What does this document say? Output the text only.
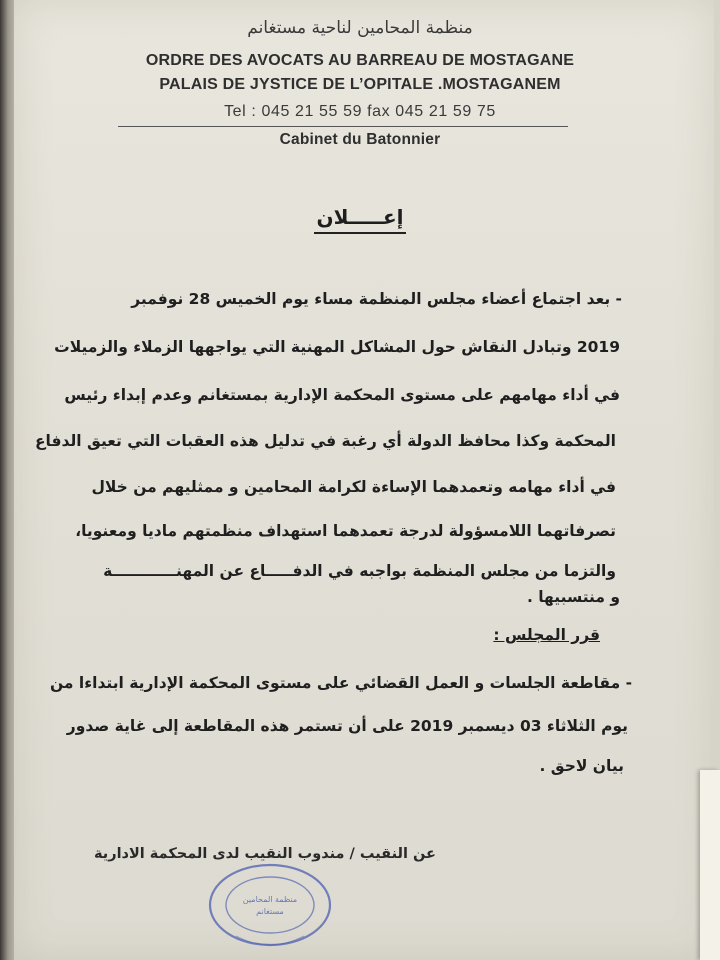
منظمة المحامين لناحية مستغانم
ORDRE DES AVOCATS AU BARREAU DE MOSTAGANE
PALAIS DE JYSTICE DE L’OPITALE .MOSTAGANEM
Tel : 045 21 55 59 fax 045 21 59 75
Cabinet du Batonnier
إعـــــلان
- بعد اجتماع أعضاء مجلس المنظمة مساء يوم الخميس 28 نوفمبر
2019 وتبادل النقاش حول المشاكل المهنية التي يواجهها الزملاء والزميلات
في أداء مهامهم على مستوى المحكمة الإدارية بمستغانم وعدم إبداء رئيس
المحكمة وكذا محافظ الدولة أي رغبة في تدليل هذه العقبات التي تعيق الدفاع
في أداء مهامه وتعمدهما الإساءة لكرامة المحامين و ممثليهم من خلال
تصرفاتهما اللامسؤولة لدرجة تعمدهما استهداف منظمتهم ماديا ومعنويا،
والتزما من مجلس المنظمة بواجبه في الدفـــــاع عن المهنــــــــــــة
و منتسبيها .
قرر المجلس :
- مقاطعة الجلسات و العمل القضائي على مستوى المحكمة الإدارية ابتداءا من
يوم الثلاثاء 03 ديسمبر 2019 على أن تستمر هذه المقاطعة إلى غاية صدور
بيان لاحق .
عن النقيب / مندوب النقيب لدى المحكمة الادارية
منظمة المحامين
مستغانم
